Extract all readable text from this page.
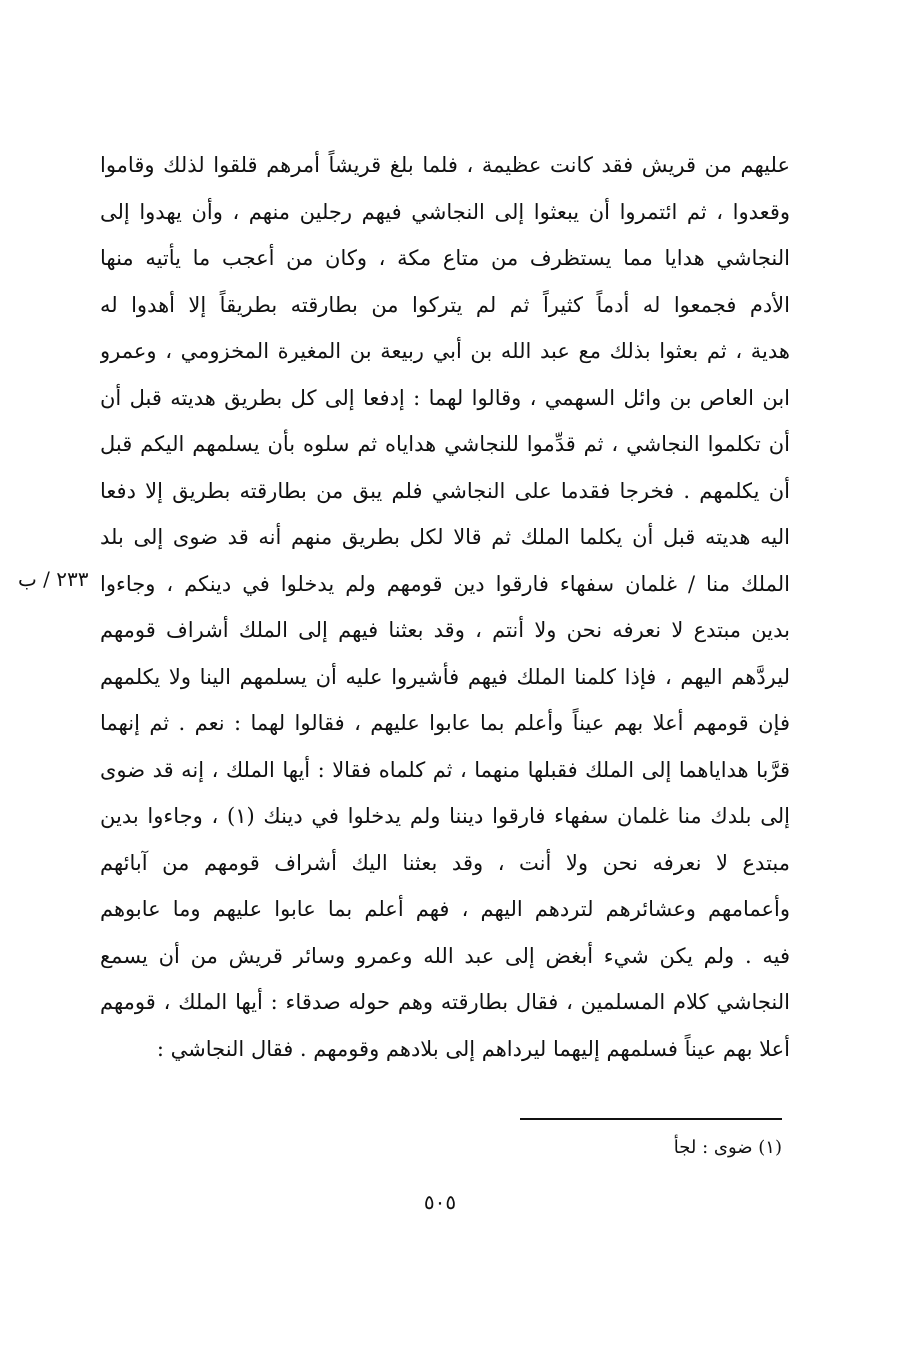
عليهم من قريش فقد كانت عظيمة ، فلما بلغ قريشاً أمرهم قلقوا لذلك وقاموا
وقعدوا ، ثم ائتمروا أن يبعثوا إلى النجاشي فيهم رجلين منهم ، وأن يهدوا إلى
النجاشي هدايا مما يستظرف من متاع مكة ، وكان من أعجب ما يأتيه منها
الأدم فجمعوا له أدماً كثيراً ثم لم يتركوا من بطارقته بطريقاً إلا أهدوا له
هدية ، ثم بعثوا بذلك مع عبد الله بن أبي ربيعة بن المغيرة المخزومي ، وعمرو
ابن العاص بن وائل السهمي ، وقالوا لهما : إدفعا إلى كل بطريق هديته قبل أن
أن تكلموا النجاشي ، ثم قدِّموا للنجاشي هداياه ثم سلوه بأن يسلمهم اليكم قبل
أن يكلمهم . فخرجا فقدما على النجاشي فلم يبق من بطارقته بطريق إلا دفعا
اليه هديته قبل أن يكلما الملك ثم قالا لكل بطريق منهم أنه قد ضوى إلى بلد
الملك منا / غلمان سفهاء فارقوا دين قومهم ولم يدخلوا في دينكم ، وجاءوا
بدين مبتدع لا نعرفه نحن ولا أنتم ، وقد بعثنا فيهم إلى الملك أشراف قومهم
ليردَّهم اليهم ، فإذا كلمنا الملك فيهم فأشيروا عليه أن يسلمهم الينا ولا يكلمهم
فإن قومهم أعلا بهم عيناً وأعلم بما عابوا عليهم ، فقالوا لهما : نعم . ثم إنهما
قرَّبا هداياهما إلى الملك فقبلها منهما ، ثم كلماه فقالا : أيها الملك ، إنه قد ضوى
إلى بلدك منا غلمان سفهاء فارقوا ديننا ولم يدخلوا في دينك (١) ، وجاءوا بدين
مبتدع لا نعرفه نحن ولا أنت ، وقد بعثنا اليك أشراف قومهم من آبائهم
وأعمامهم وعشائرهم لتردهم اليهم ، فهم أعلم بما عابوا عليهم وما عابوهم
فيه . ولم يكن شيء أبغض إلى عبد الله وعمرو وسائر قريش من أن يسمع
النجاشي كلام المسلمين ، فقال بطارقته وهم حوله صدقاء : أيها الملك ، قومهم
أعلا بهم عيناً فسلمهم إليهما ليرداهم إلى بلادهم وقومهم . فقال النجاشي :
٢٣٣ / ب
(١) ضوى : لجأ
٥٠٥
